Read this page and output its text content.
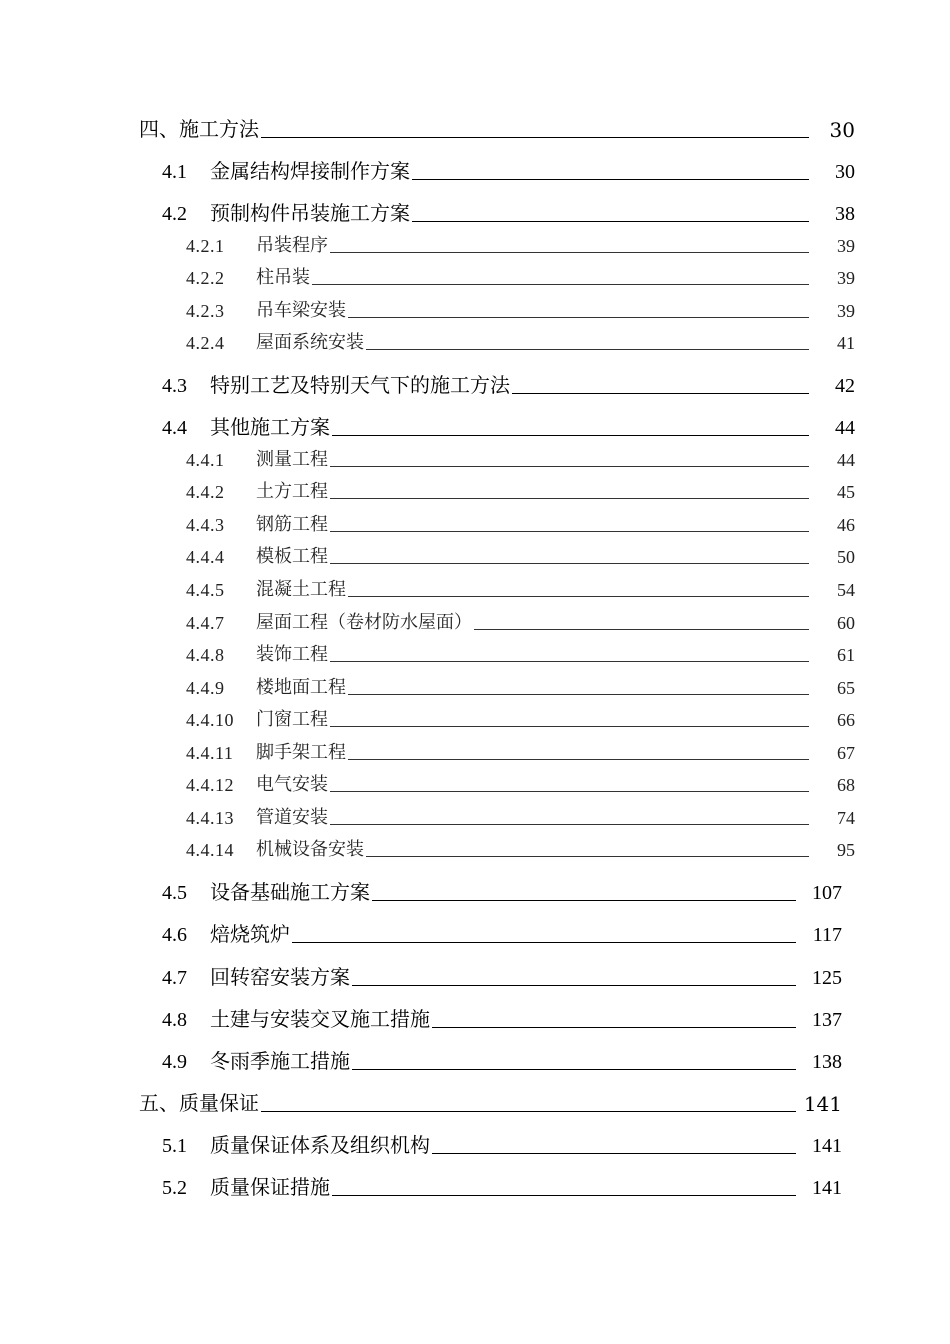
四、施工方法	30
4.1	金属结构焊接制作方案	30
4.2	预制构件吊装施工方案	38
4.2.1	吊装程序	39
4.2.2	柱吊装	39
4.2.3	吊车梁安装	39
4.2.4	屋面系统安装	41
4.3	特别工艺及特别天气下的施工方法	42
4.4	其他施工方案	44
4.4.1	测量工程	44
4.4.2	土方工程	45
4.4.3	钢筋工程	46
4.4.4	模板工程	50
4.4.5	混凝土工程	54
4.4.7	屋面工程（卷材防水屋面）	60
4.4.8	装饰工程	61
4.4.9	楼地面工程	65
4.4.10	门窗工程	66
4.4.11	脚手架工程	67
4.4.12	电气安装	68
4.4.13	管道安装	74
4.4.14	机械设备安装	95
4.5	设备基础施工方案	107
4.6	焙烧筑炉	117
4.7	回转窑安装方案	125
4.8	土建与安装交叉施工措施	137
4.9	冬雨季施工措施	138
五、质量保证	141
5.1	质量保证体系及组织机构	141
5.2	质量保证措施	141
